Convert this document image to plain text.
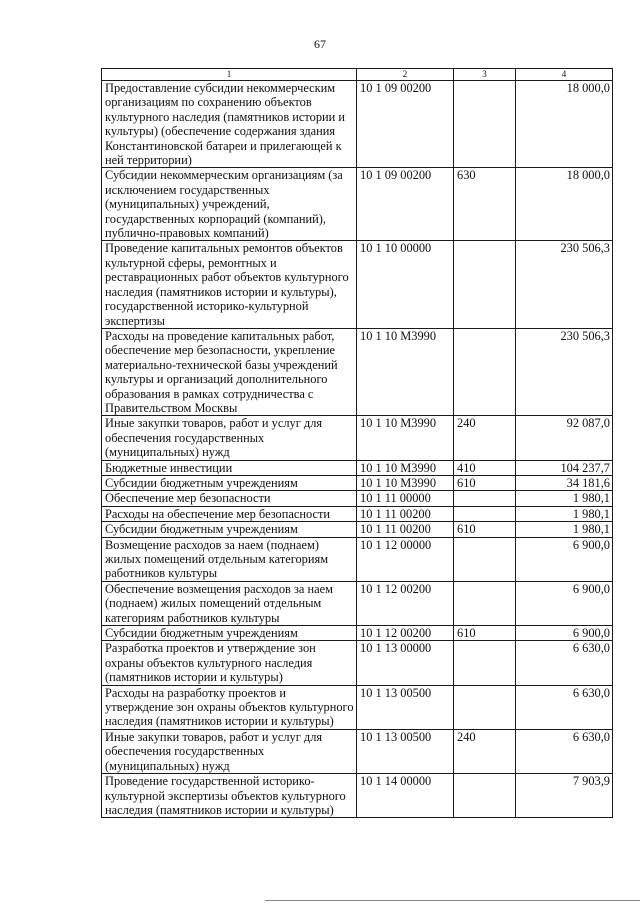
67
1	2	3	4
Предоставление субсидии некоммерческим организациям по сохранению объектов культурного наследия (памятников истории и культуры) (обеспечение содержания здания Константиновской батареи и прилегающей к ней территории)	10 1 09 00200		18 000,0
Субсидии некоммерческим организациям (за исключением государственных (муниципальных) учреждений, государственных корпораций (компаний), публично-правовых компаний)	10 1 09 00200	630	18 000,0
Проведение капитальных ремонтов объектов культурной сферы, ремонтных и реставрационных работ объектов культурного наследия (памятников истории и культуры), государственной историко-культурной экспертизы	10 1 10 00000		230 506,3
Расходы на проведение капитальных работ, обеспечение мер безопасности, укрепление материально-технической базы учреждений культуры и организаций дополнительного образования в рамках сотрудничества с Правительством Москвы	10 1 10 М3990		230 506,3
Иные закупки товаров, работ и услуг для обеспечения государственных (муниципальных) нужд	10 1 10 М3990	240	92 087,0
Бюджетные инвестиции	10 1 10 М3990	410	104 237,7
Субсидии бюджетным учреждениям	10 1 10 М3990	610	34 181,6
Обеспечение мер безопасности	10 1 11 00000		1 980,1
Расходы на обеспечение мер безопасности	10 1 11 00200		1 980,1
Субсидии бюджетным учреждениям	10 1 11 00200	610	1 980,1
Возмещение расходов за наем (поднаем) жилых помещений отдельным категориям работников культуры	10 1 12 00000		6 900,0
Обеспечение возмещения расходов за наем (поднаем) жилых помещений отдельным категориям работников культуры	10 1 12 00200		6 900,0
Субсидии бюджетным учреждениям	10 1 12 00200	610	6 900,0
Разработка проектов и утверждение зон охраны объектов культурного наследия (памятников истории и культуры)	10 1 13 00000		6 630,0
Расходы на разработку проектов и утверждение зон охраны объектов культурного наследия (памятников истории и культуры)	10 1 13 00500		6 630,0
Иные закупки товаров, работ и услуг для обеспечения государственных (муниципальных) нужд	10 1 13 00500	240	6 630,0
Проведение государственной историко-культурной экспертизы объектов культурного наследия (памятников истории и культуры)	10 1 14 00000		7 903,9
